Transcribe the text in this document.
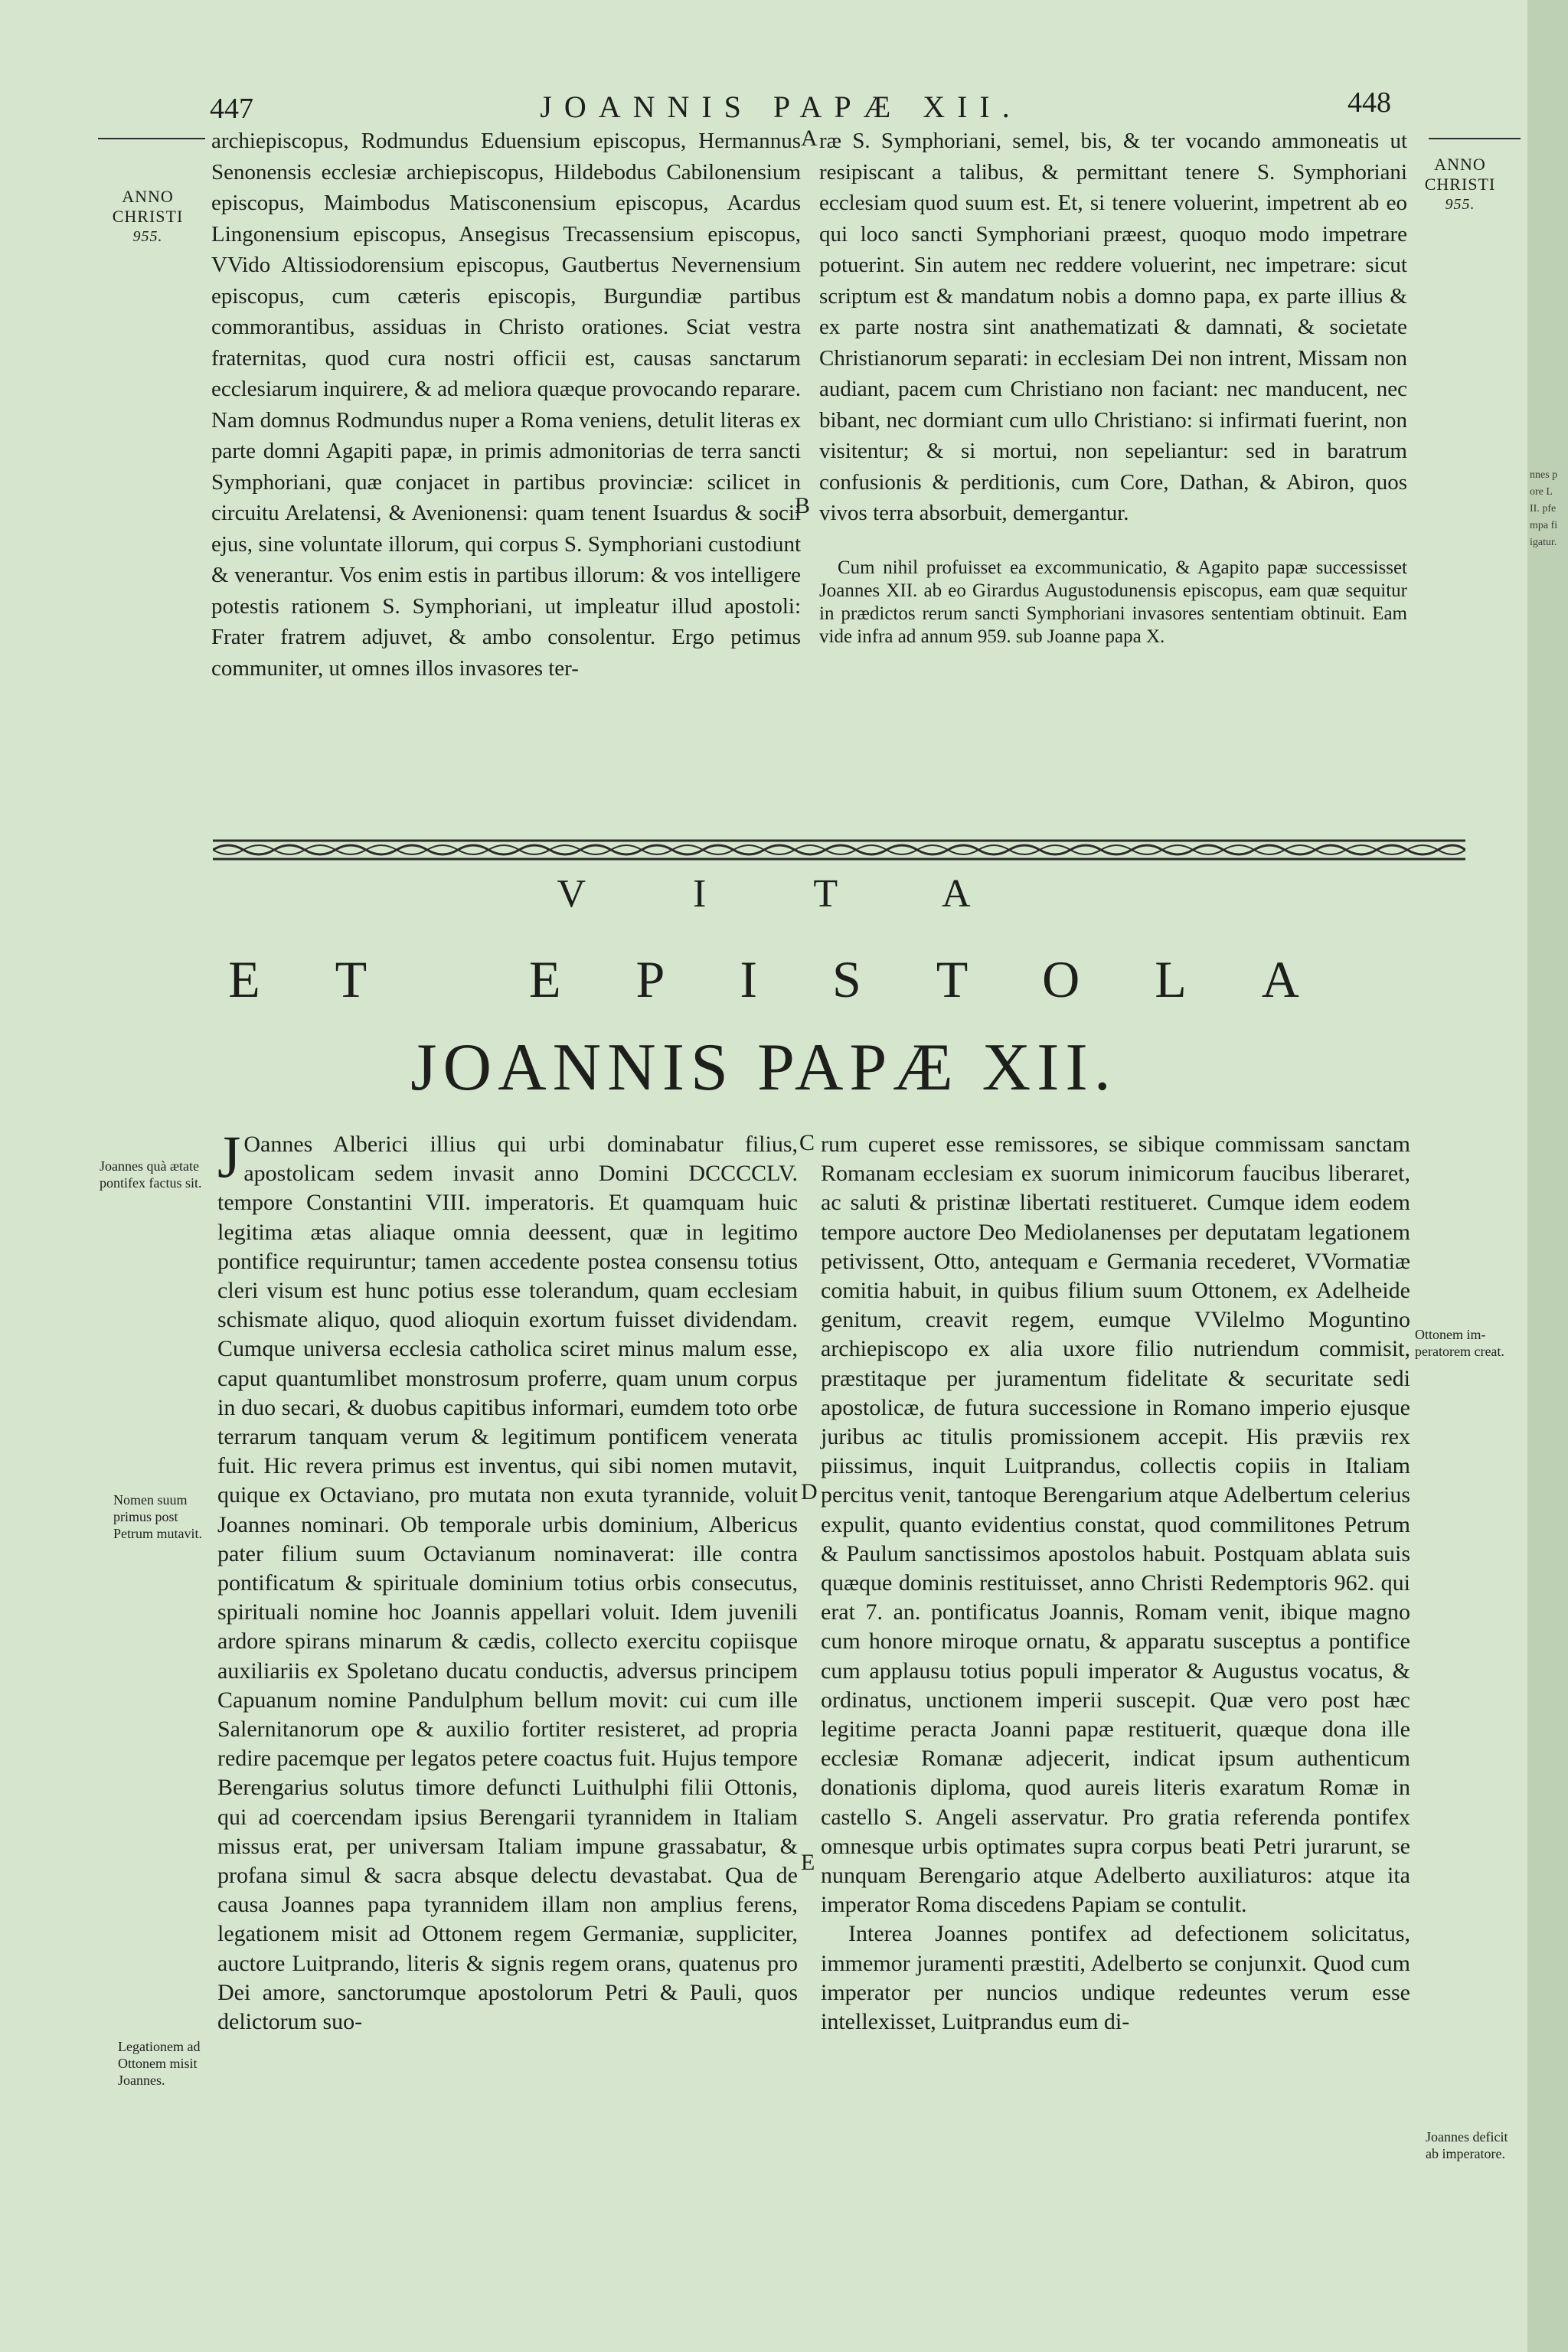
447	JOANNIS PAPÆ XII.	448
ANNO
CHRISTI
955.
ANNO
CHRISTI
955.

archiepiscopus, Rodmundus Eduensium episcopus, Hermannus Senonensis ecclesiæ archiepiscopus, Hildebodus Cabilonensium episcopus, Maimbodus Matisconensium episcopus, Acardus Lingonensium episcopus, Ansegisus Trecassensium episcopus, VVido Altissiodorensium episcopus, Gautbertus Nevernensium episcopus, cum cæteris episcopis, Burgundiæ partibus commorantibus, assiduas in Christo orationes. Sciat vestra fraternitas, quod cura nostri officii est, causas sanctarum ecclesiarum inquirere, & ad meliora quæque provocando reparare. Nam domnus Rodmundus nuper a Roma veniens, detulit literas ex parte domni Agapiti papæ, in primis admonitorias de terra sancti Symphoriani, quæ conjacet in partibus provinciæ: scilicet in circuitu Arelatensi, & Avenionensi: quam tenent Isuardus & socii ejus, sine voluntate illorum, qui corpus S. Symphoriani custodiunt & venerantur. Vos enim estis in partibus illorum: & vos intelligere potestis rationem S. Symphoriani, ut impleatur illud apostoli: Frater fratrem adjuvet, & ambo consolentur. Ergo petimus communiter, ut omnes illos invasores ter-

A
B

ræ S. Symphoriani, semel, bis, & ter vocando ammoneatis ut resipiscant a talibus, & permittant tenere S. Symphoriani ecclesiam quod suum est. Et, si tenere voluerint, impetrent ab eo qui loco sancti Symphoriani præest, quoquo modo impetrare potuerint. Sin autem nec reddere voluerint, nec impetrare: sicut scriptum est & mandatum nobis a domno papa, ex parte illius & ex parte nostra sint anathematizati & damnati, & societate Christianorum separati: in ecclesiam Dei non intrent, Missam non audiant, pacem cum Christiano non faciant: nec manducent, nec bibant, nec dormiant cum ullo Christiano: si infirmati fuerint, non visitentur; & si mortui, non sepeliantur: sed in baratrum confusionis & perditionis, cum Core, Dathan, & Abiron, quos vivos terra absorbuit, demergantur.

Cum nihil profuisset ea excommunicatio, & Agapito papæ successisset Joannes XII. ab eo Girardus Augustodunensis episcopus, eam quæ sequitur in prædictos rerum sancti Symphoriani invasores sententiam obtinuit. Eam vide infra ad annum 959. sub Joanne papa X.

VITA
ET EPISTOLA
JOANNIS PAPÆ XII.
Joannes quà ætate pontifex factus sit.
Nomen suum primus post Petrum mutavit.
Legationem ad Ottonem misit Joannes.
Ottonem imperatorem creat.
Joannes deficit ab imperatore.
J Oannes Alberici illius qui urbi dominabatur filius, apostolicam sedem invasit anno Domini DCCCCLV. tempore Constantini VIII. imperatoris. Et quamquam huic legitima ætas aliaque omnia deessent, quæ in legitimo pontifice requiruntur; tamen accedente postea consensu totius cleri visum est hunc potius esse tolerandum, quam ecclesiam schismate aliquo, quod alioquin exortum fuisset dividendam. Cumque universa ecclesia catholica sciret minus malum esse, caput quantumlibet monstrosum proferre, quam unum corpus in duo secari, & duobus capitibus informari, eumdem toto orbe terrarum tanquam verum & legitimum pontificem venerata fuit. Hic revera primus est inventus, qui sibi nomen mutavit, quique ex Octaviano, pro mutata non exuta tyrannide, voluit Joannes nominari. Ob temporale urbis dominium, Albericus pater filium suum Octavianum nominaverat: ille contra pontificatum & spirituale dominium totius orbis consecutus, spirituali nomine hoc Joannis appellari voluit. Idem juvenili ardore spirans minarum & cædis, collecto exercitu copiisque auxiliariis ex Spoletano ducatu conductis, adversus principem Capuanum nomine Pandulphum bellum movit: cui cum ille Salernitanorum ope & auxilio fortiter resisteret, ad propria redire pacemque per legatos petere coactus fuit. Hujus tempore Berengarius solutus timore defuncti Luithulphi filii Ottonis, qui ad coercendam ipsius Berengarii tyrannidem in Italiam missus erat, per universam Italiam impune grassabatur, & profana simul & sacra absque delectu devastabat. Qua de causa Joannes papa tyrannidem illam non amplius ferens, legationem misit ad Ottonem regem Germaniæ, suppliciter, auctore Luitprando, literis & signis regem orans, quatenus pro Dei amore, sanctorumque apostolorum Petri & Pauli, quos delictorum suo-

C
D
E

rum cuperet esse remissores, se sibique commissam sanctam Romanam ecclesiam ex suorum inimicorum faucibus liberaret, ac saluti & pristinæ libertati restitueret. Cumque idem eodem tempore auctore Deo Mediolanenses per deputatam legationem petivissent, Otto, antequam e Germania recederet, VVormatiæ comitia habuit, in quibus filium suum Ottonem, ex Adelheide genitum, creavit regem, eumque VVilelmo Moguntino archiepiscopo ex alia uxore filio nutriendum commisit, præstitaque per juramentum fidelitate & securitate sedi apostolicæ, de futura successione in Romano imperio ejusque juribus ac titulis promissionem accepit. His præviis rex piissimus, inquit Luitprandus, collectis copiis in Italiam percitus venit, tantoque Berengarium atque Adelbertum celerius expulit, quanto evidentius constat, quod commilitones Petrum & Paulum sanctissimos apostolos habuit. Postquam ablata suis quæque dominis restituisset, anno Christi Redemptoris 962. qui erat 7. an. pontificatus Joannis, Romam venit, ibique magno cum honore miroque ornatu, & apparatu susceptus a pontifice cum applausu totius populi imperator & Augustus vocatus, & ordinatus, unctionem imperii suscepit. Quæ vero post hæc legitime peracta Joanni papæ restituerit, quæque dona ille ecclesiæ Romanæ adjecerit, indicat ipsum authenticum donationis diploma, quod aureis literis exaratum Romæ in castello S. Angeli asservatur. Pro gratia referenda pontifex omnesque urbis optimates supra corpus beati Petri jurarunt, se nunquam Berengario atque Adelberto auxiliaturos: atque ita imperator Roma discedens Papiam se contulit.

Interea Joannes pontifex ad defectionem solicitatus, immemor juramenti præstiti, Adelberto se conjunxit. Quod cum imperator per nuncios undique redeuntes verum esse intellexisset, Luitprandus eum di-

nnes p
ore L
II. pfe
mpa fi
igatur.
